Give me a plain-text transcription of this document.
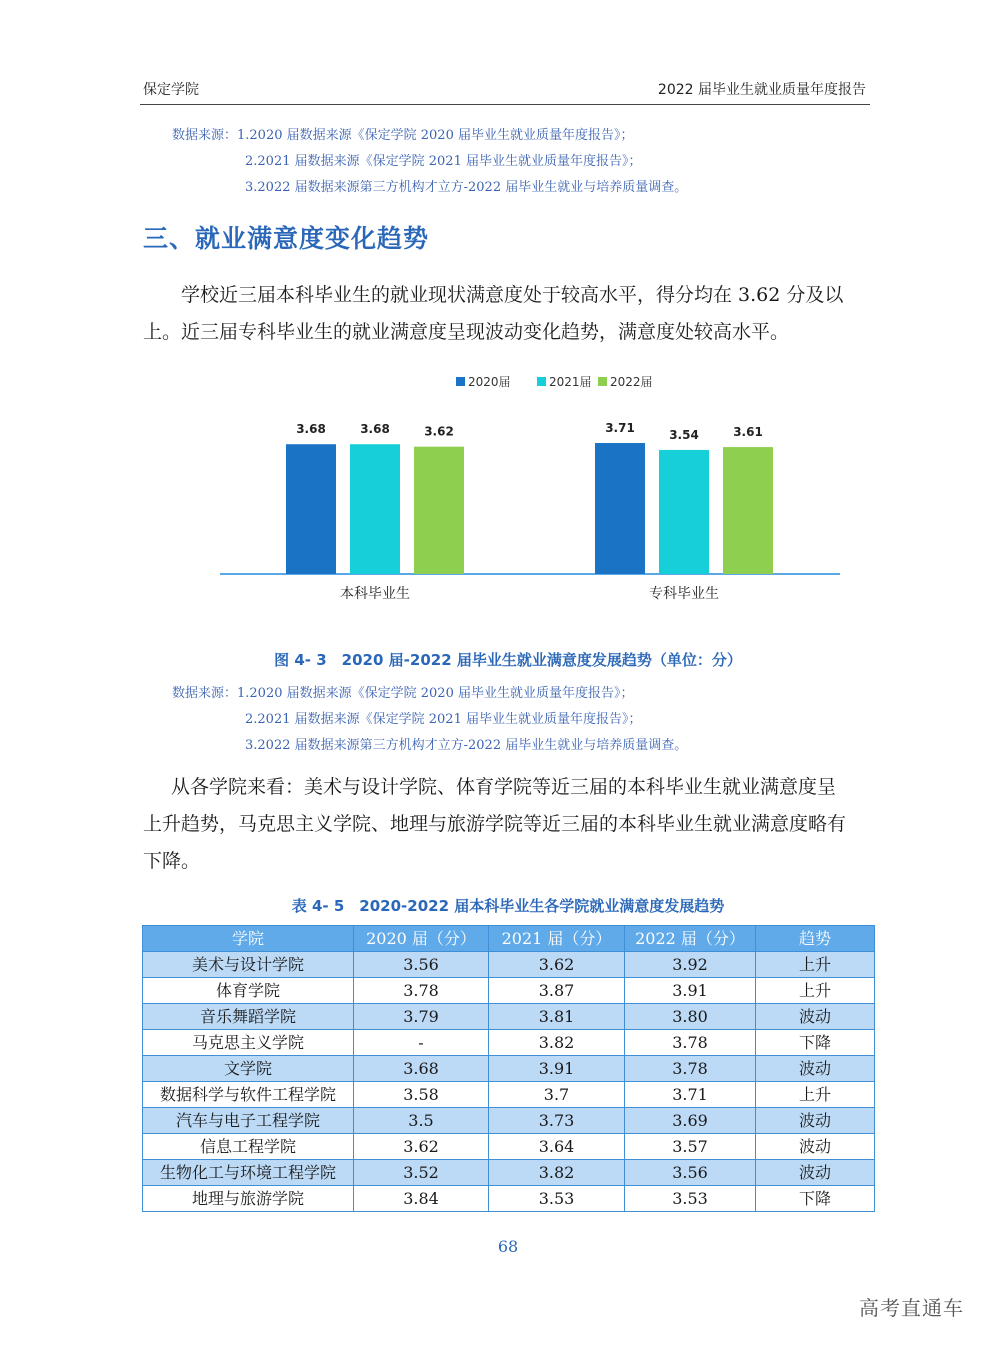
保定学院	2022 届毕业生就业质量年度报告
数据来源：1.2020 届数据来源《保定学院 2020 届毕业生就业质量年度报告》；
2.2021 届数据来源《保定学院 2021 届毕业生就业质量年度报告》；
3.2022 届数据来源第三方机构才立方-2022 届毕业生就业与培养质量调查。
三、就业满意度变化趋势
学校近三届本科毕业生的就业现状满意度处于较高水平，得分均在 3.62 分及以
上。近三届专科毕业生的就业满意度呈现波动变化趋势，满意度处较高水平。
2020届	2021届 2022届
3.68	3.68	3.62
本科毕业生
3.71	3.54	3.61
专科毕业生
图 4- 3　2020 届-2022 届毕业生就业满意度发展趋势（单位：分）
数据来源：1.2020 届数据来源《保定学院 2020 届毕业生就业质量年度报告》；
2.2021 届数据来源《保定学院 2021 届毕业生就业质量年度报告》；
3.2022 届数据来源第三方机构才立方-2022 届毕业生就业与培养质量调查。
从各学院来看：美术与设计学院、体育学院等近三届的本科毕业生就业满意度呈
上升趋势，马克思主义学院、地理与旅游学院等近三届的本科毕业生就业满意度略有
下降。
表 4- 5　2020-2022 届本科毕业生各学院就业满意度发展趋势
学院	2020 届（分）	2021 届（分）	2022 届（分）	趋势
美术与设计学院	3.56	3.62	3.92	上升
体育学院	3.78	3.87	3.91	上升
音乐舞蹈学院	3.79	3.81	3.80	波动
马克思主义学院	-	3.82	3.78	下降
文学院	3.68	3.91	3.78	波动
数据科学与软件工程学院	3.58	3.7	3.71	上升
汽车与电子工程学院	3.5	3.73	3.69	波动
信息工程学院	3.62	3.64	3.57	波动
生物化工与环境工程学院	3.52	3.82	3.56	波动
地理与旅游学院	3.84	3.53	3.53	下降
68
高考直通车
